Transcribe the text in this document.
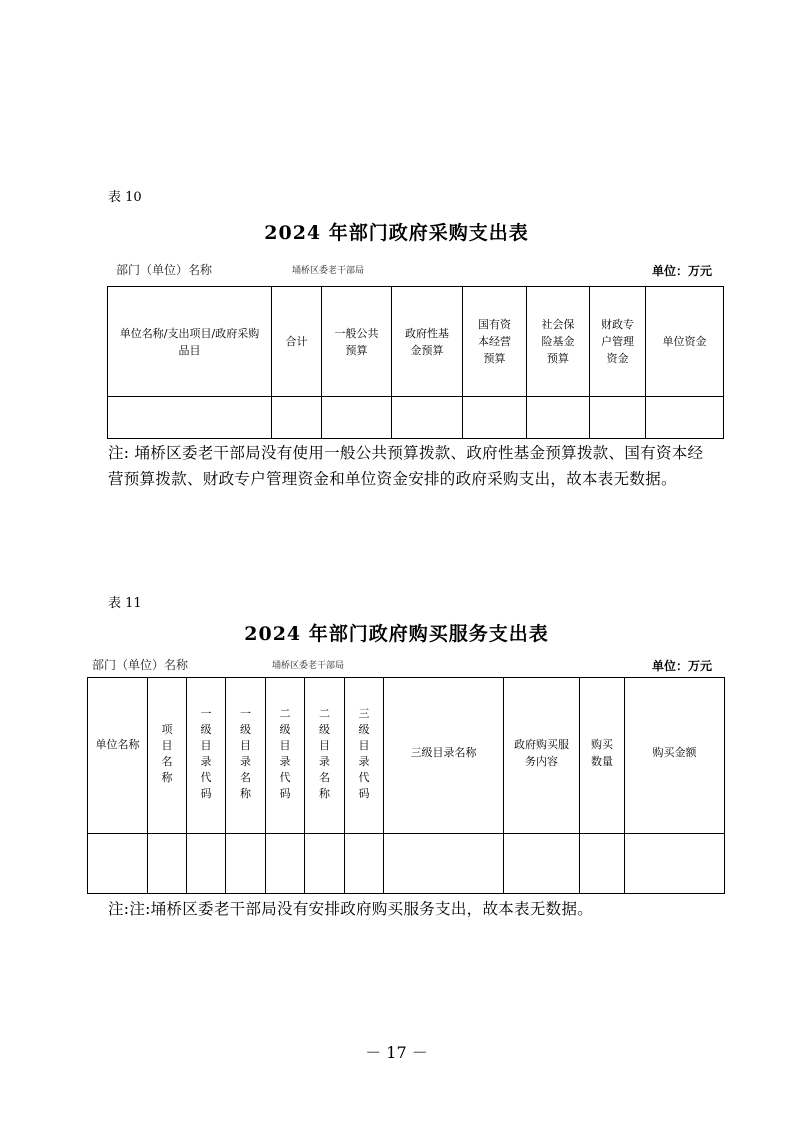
表 10
2024 年部门政府采购支出表
部门（单位）名称	埇桥区委老干部局	单位：万元
单位名称/支出项目/政府采购品目	合计	一般公共预算	政府性基金预算	国有资本经营预算	社会保险基金预算	财政专户管理资金	单位资金

注: 埇桥区委老干部局没有使用一般公共预算拨款、政府性基金预算拨款、国有资本经营预算拨款、财政专户管理资金和单位资金安排的政府采购支出，故本表无数据。
表 11
2024 年部门政府购买服务支出表
部门（单位）名称	埇桥区委老干部局	单位：万元
单位名称	项目名称	一级目录代码	一级目录名称	二级目录代码	二级目录名称	三级目录代码	三级目录名称	政府购买服务内容	购买数量	购买金额

注:注:埇桥区委老干部局没有安排政府购买服务支出，故本表无数据。
－ 17 －
